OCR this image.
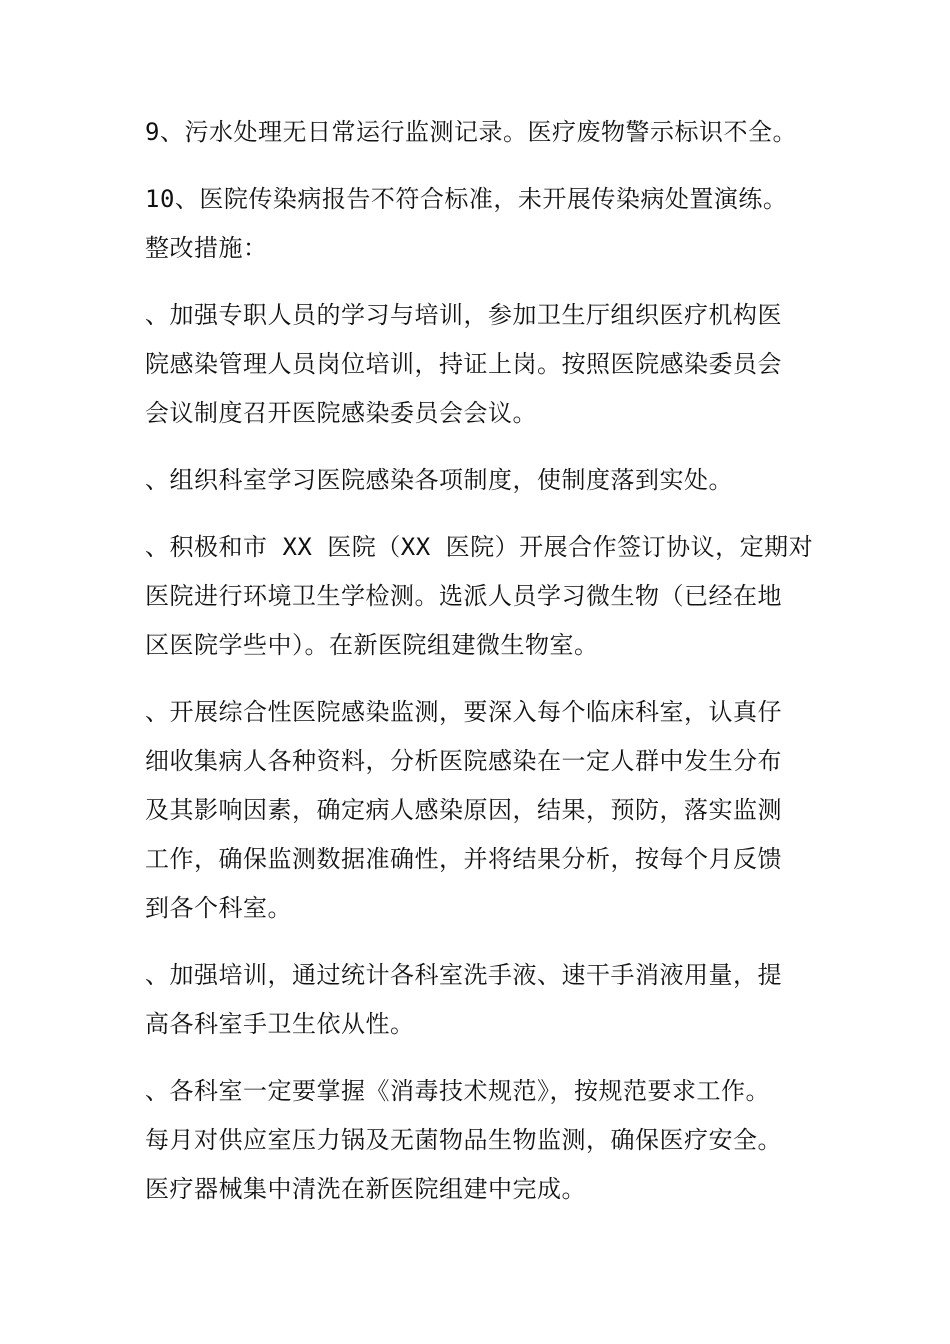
9、污水处理无日常运行监测记录。医疗废物警示标识不全。

10、医院传染病报告不符合标准，未开展传染病处置演练。

整改措施：

、加强专职人员的学习与培训，参加卫生厅组织医疗机构医
院感染管理人员岗位培训，持证上岗。按照医院感染委员会
会议制度召开医院感染委员会会议。

、组织科室学习医院感染各项制度，使制度落到实处。

、积极和市 XX 医院（XX 医院）开展合作签订协议，定期对
医院进行环境卫生学检测。选派人员学习微生物（已经在地
区医院学些中）。在新医院组建微生物室。

、开展综合性医院感染监测，要深入每个临床科室，认真仔
细收集病人各种资料，分析医院感染在一定人群中发生分布
及其影响因素，确定病人感染原因，结果，预防，落实监测
工作，确保监测数据准确性，并将结果分析，按每个月反馈
到各个科室。

、加强培训，通过统计各科室洗手液、速干手消液用量，提
高各科室手卫生依从性。

、各科室一定要掌握《消毒技术规范》，按规范要求工作。
每月对供应室压力锅及无菌物品生物监测，确保医疗安全。
医疗器械集中清洗在新医院组建中完成。
